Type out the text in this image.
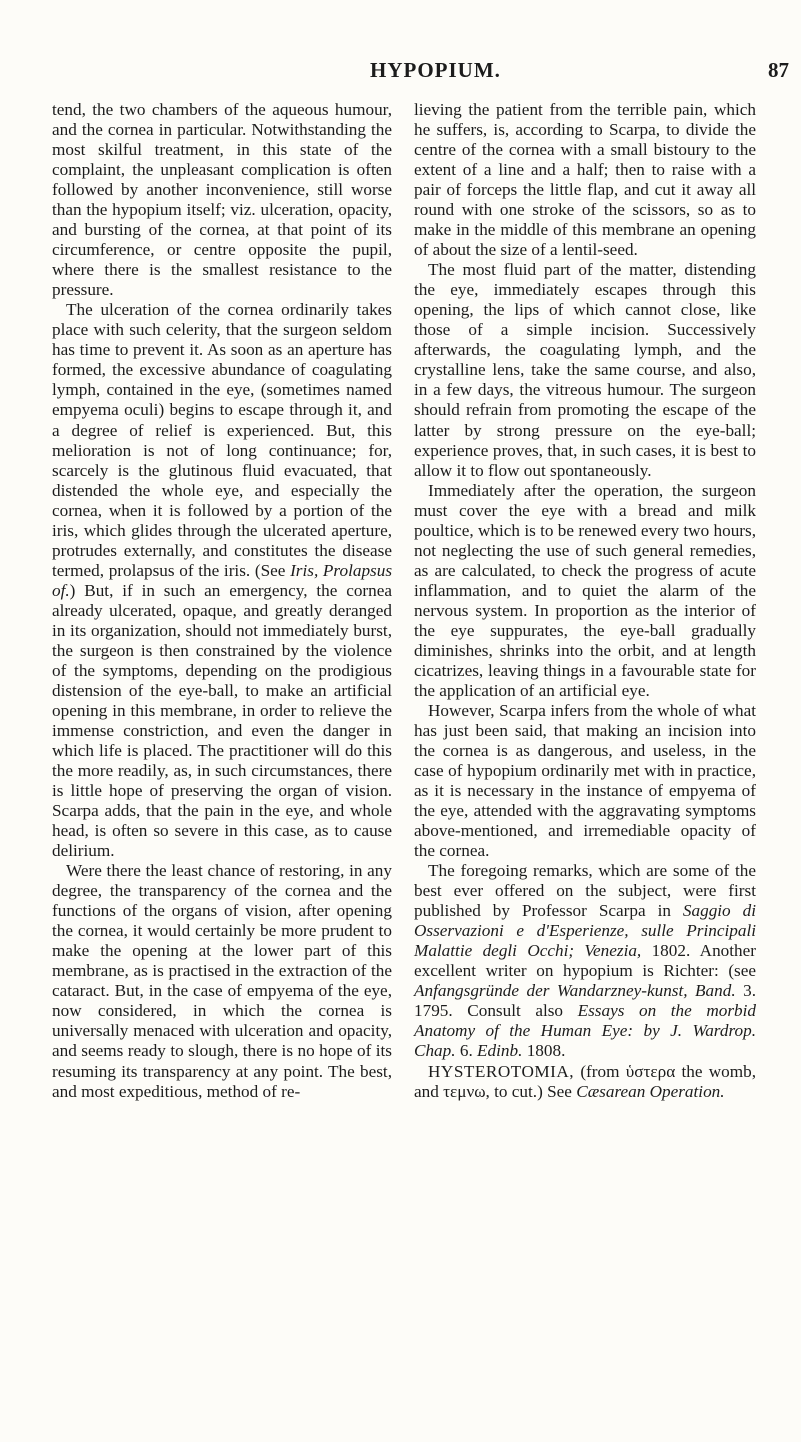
HYPOPIUM.	87

tend, the two chambers of the aqueous humour, and the cornea in particular. Notwithstanding the most skilful treatment, in this state of the complaint, the unpleasant complication is often followed by another inconvenience, still worse than the hypopium itself; viz. ulceration, opacity, and bursting of the cornea, at that point of its circumference, or centre opposite the pupil, where there is the smallest resistance to the pressure.

The ulceration of the cornea ordinarily takes place with such celerity, that the surgeon seldom has time to prevent it. As soon as an aperture has formed, the excessive abundance of coagulating lymph, contained in the eye, (sometimes named empyema oculi) begins to escape through it, and a degree of relief is experienced. But, this melioration is not of long continuance; for, scarcely is the glutinous fluid evacuated, that distended the whole eye, and especially the cornea, when it is followed by a portion of the iris, which glides through the ulcerated aperture, protrudes externally, and constitutes the disease termed, prolapsus of the iris. (See Iris, Prolapsus of.) But, if in such an emergency, the cornea already ulcerated, opaque, and greatly deranged in its organization, should not immediately burst, the surgeon is then constrained by the violence of the symptoms, depending on the prodigious distension of the eye-ball, to make an artificial opening in this membrane, in order to relieve the immense constriction, and even the danger in which life is placed. The practitioner will do this the more readily, as, in such circumstances, there is little hope of preserving the organ of vision. Scarpa adds, that the pain in the eye, and whole head, is often so severe in this case, as to cause delirium.

Were there the least chance of restoring, in any degree, the transparency of the cornea and the functions of the organs of vision, after opening the cornea, it would certainly be more prudent to make the opening at the lower part of this membrane, as is practised in the extraction of the cataract. But, in the case of empyema of the eye, now considered, in which the cornea is universally menaced with ulceration and opacity, and seems ready to slough, there is no hope of its resuming its transparency at any point. The best, and most expeditious, method of re-

lieving the patient from the terrible pain, which he suffers, is, according to Scarpa, to divide the centre of the cornea with a small bistoury to the extent of a line and a half; then to raise with a pair of forceps the little flap, and cut it away all round with one stroke of the scissors, so as to make in the middle of this membrane an opening of about the size of a lentil-seed.

The most fluid part of the matter, distending the eye, immediately escapes through this opening, the lips of which cannot close, like those of a simple incision. Successively afterwards, the coagulating lymph, and the crystalline lens, take the same course, and also, in a few days, the vitreous humour. The surgeon should refrain from promoting the escape of the latter by strong pressure on the eye-ball; experience proves, that, in such cases, it is best to allow it to flow out spontaneously.

Immediately after the operation, the surgeon must cover the eye with a bread and milk poultice, which is to be renewed every two hours, not neglecting the use of such general remedies, as are calculated, to check the progress of acute inflammation, and to quiet the alarm of the nervous system. In proportion as the interior of the eye suppurates, the eye-ball gradually diminishes, shrinks into the orbit, and at length cicatrizes, leaving things in a favourable state for the application of an artificial eye.

However, Scarpa infers from the whole of what has just been said, that making an incision into the cornea is as dangerous, and useless, in the case of hypopium ordinarily met with in practice, as it is necessary in the instance of empyema of the eye, attended with the aggravating symptoms above-mentioned, and irremediable opacity of the cornea.

The foregoing remarks, which are some of the best ever offered on the subject, were first published by Professor Scarpa in Saggio di Osservazioni e d'Esperienze, sulle Principali Malattie degli Occhi; Venezia, 1802. Another excellent writer on hypopium is Richter: (see Anfangsgründe der Wandarzney-kunst, Band. 3. 1795. Consult also Essays on the morbid Anatomy of the Human Eye: by J. Wardrop. Chap. 6. Edinb. 1808.

HYSTEROTOMIA, (from ὑστερα the womb, and τεμνω, to cut.) See Cæsarean Operation.
